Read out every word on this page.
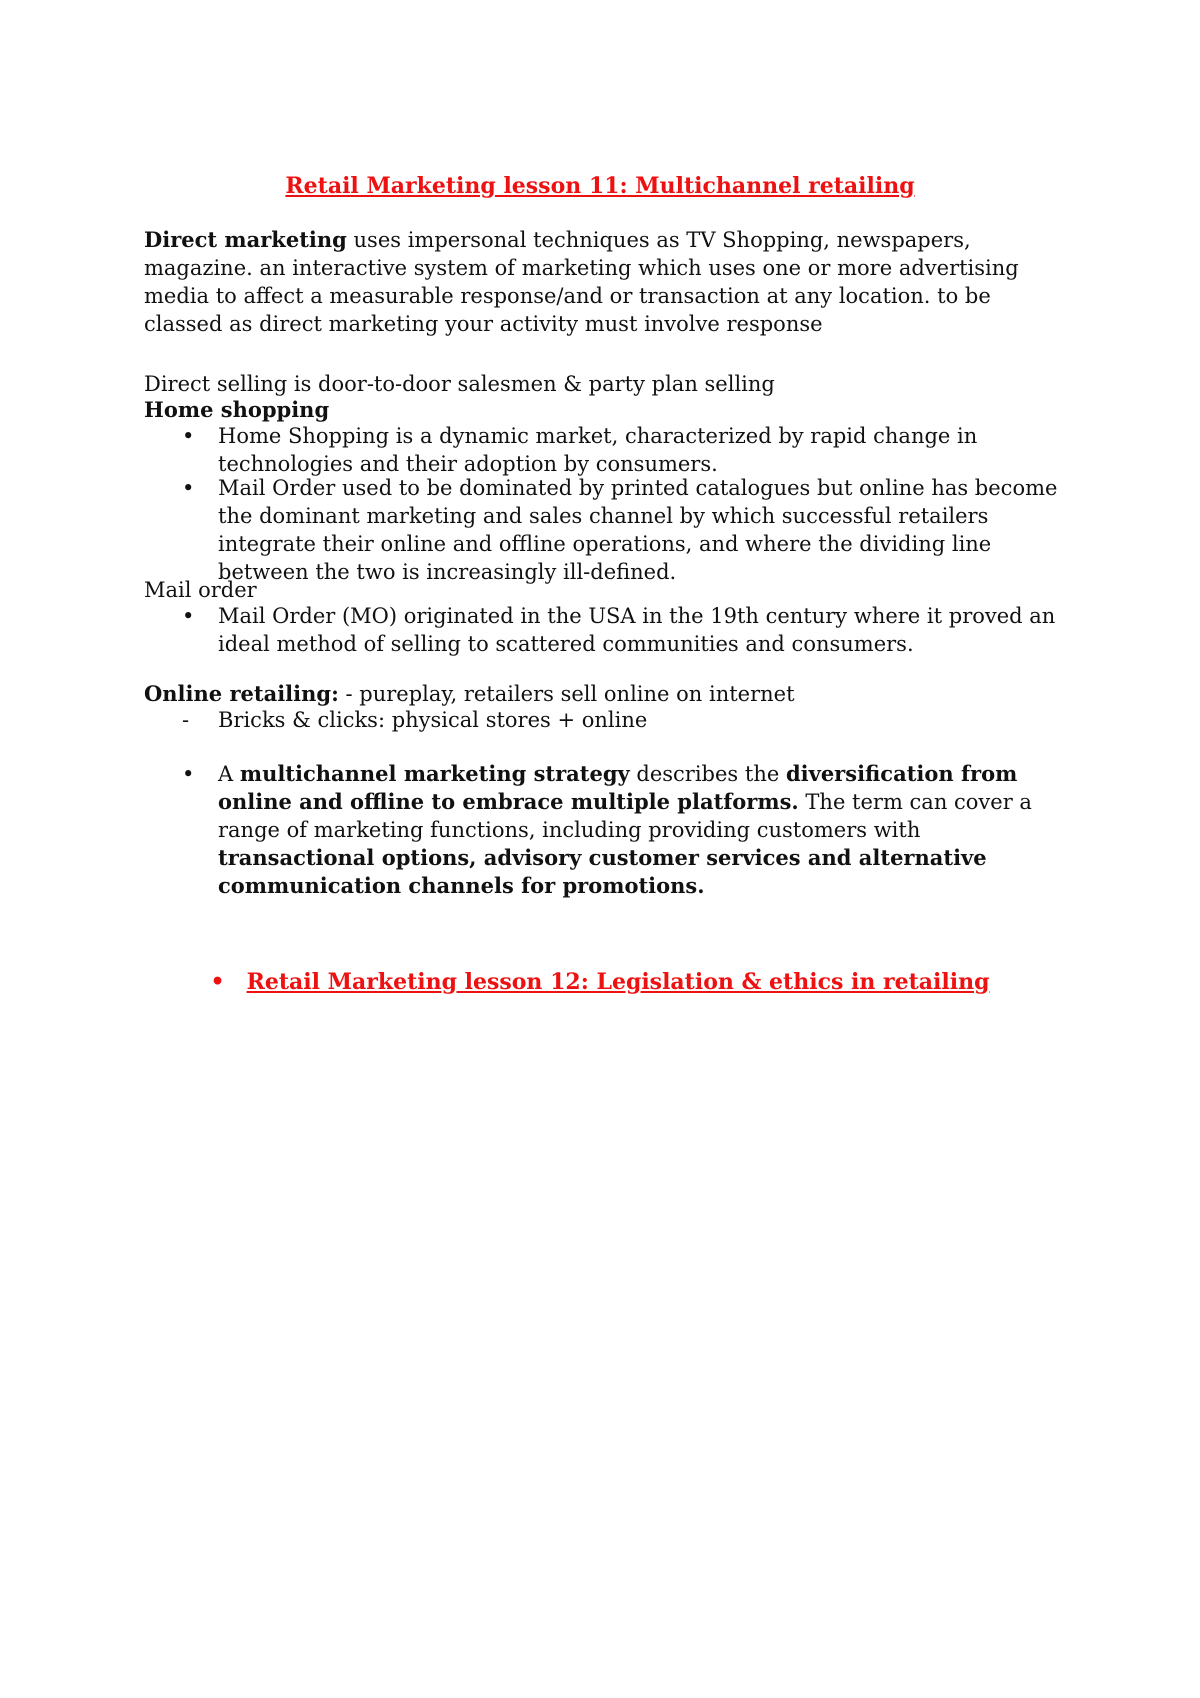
Retail Marketing lesson 11: Multichannel retailing
Direct marketing uses impersonal techniques as TV Shopping, newspapers, magazine. an interactive system of marketing which uses one or more advertising media to affect a measurable response/and or transaction at any location. to be classed as direct marketing your activity must involve response
Direct selling is door-to-door salesmen & party plan selling
Home shopping
•	Home Shopping is a dynamic market, characterized by rapid change in technologies and their adoption by consumers.
•	Mail Order used to be dominated by printed catalogues but online has become the dominant marketing and sales channel by which successful retailers integrate their online and offline operations, and where the dividing line between the two is increasingly ill-defined.
Mail order
•	Mail Order (MO) originated in the USA in the 19th century where it proved an ideal method of selling to scattered communities and consumers.
Online retailing: - pureplay, retailers sell online on internet
-	Bricks & clicks: physical stores + online
•	A multichannel marketing strategy describes the diversification from online and offline to embrace multiple platforms. The term can cover a range of marketing functions, including providing customers with transactional options, advisory customer services and alternative communication channels for promotions.
• Retail Marketing lesson 12: Legislation & ethics in retailing
